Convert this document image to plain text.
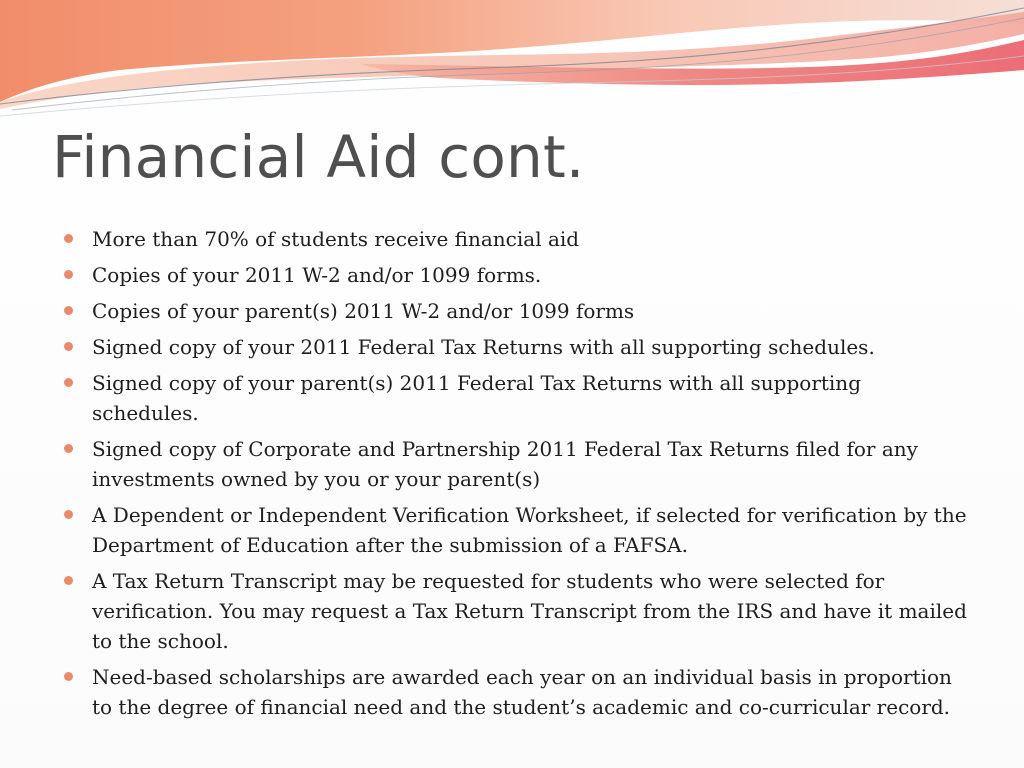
Financial Aid cont.
More than 70% of students receive financial aid
Copies of your 2011 W-2 and/or 1099 forms.
Copies of your parent(s) 2011 W-2 and/or 1099 forms
Signed copy of your 2011 Federal Tax Returns with all supporting schedules.
Signed copy of your parent(s) 2011 Federal Tax Returns with all supporting schedules.
Signed copy of Corporate and Partnership 2011 Federal Tax Returns filed for any investments owned by you or your parent(s)
A Dependent or Independent Verification Worksheet, if selected for verification by the Department of Education after the submission of a FAFSA.
A Tax Return Transcript may be requested for students who were selected for verification. You may request a Tax Return Transcript from the IRS and have it mailed to the school.
Need-based scholarships are awarded each year on an individual basis in proportion to the degree of financial need and the student’s academic and co-curricular record.
